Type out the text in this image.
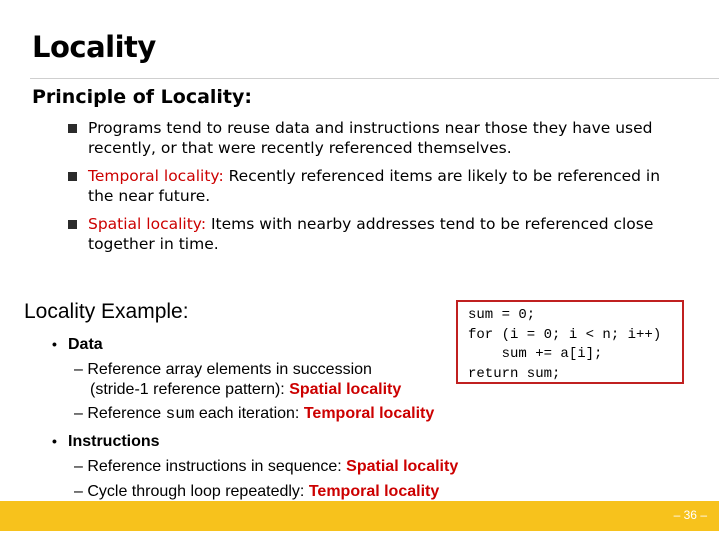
Locality
Principle of Locality:
Programs tend to reuse data and instructions near those they have used recently, or that were recently referenced themselves.
Temporal locality: Recently referenced items are likely to be referenced in the near future.
Spatial locality: Items with nearby addresses tend to be referenced close together in time.
Locality Example:	sum = 0;
for (i = 0; i < n; i++)
sum += a[i];
return sum;
• Data
– Reference array elements in succession
(stride-1 reference pattern): Spatial locality
– Reference sum each iteration: Temporal locality
• Instructions
– Reference instructions in sequence: Spatial locality
– Cycle through loop repeatedly: Temporal locality
– 36 –
